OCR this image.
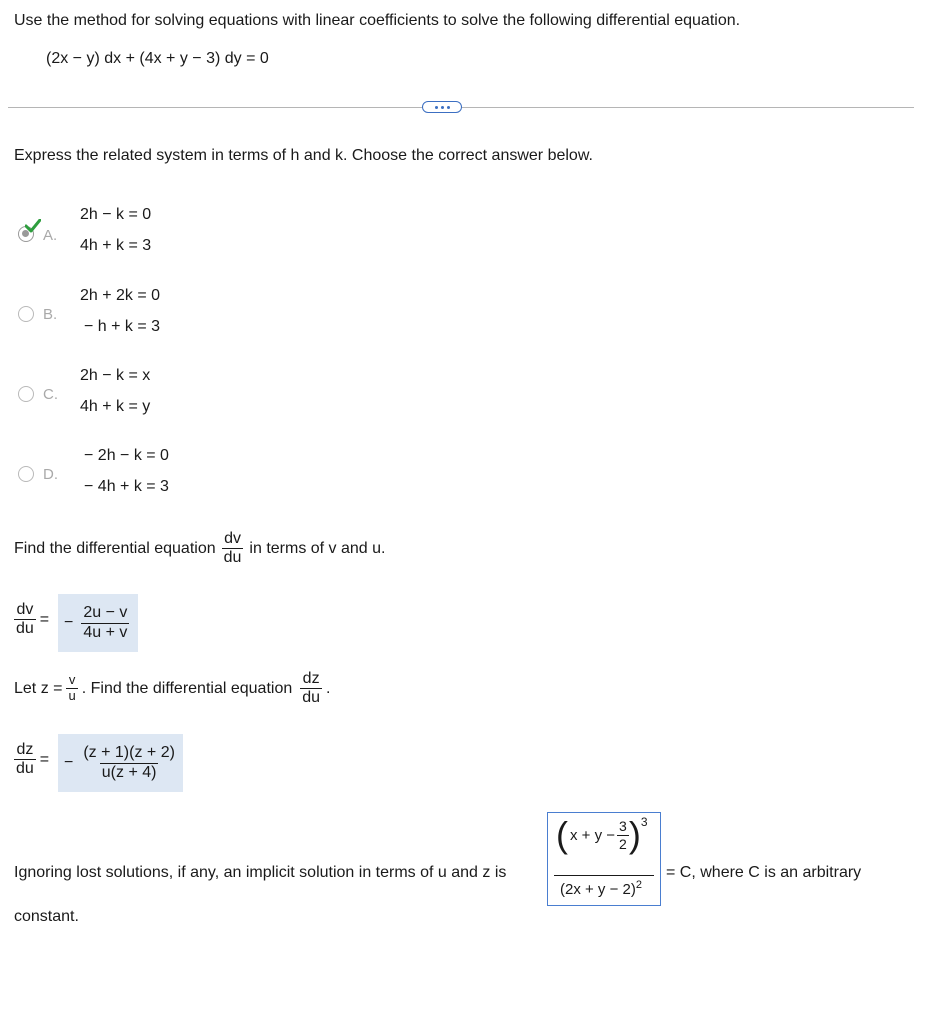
Use the method for solving equations with linear coefficients to solve the following differential equation.
(2x − y) dx + (4x + y − 3) dy = 0
Express the related system in terms of h and k. Choose the correct answer below.
A.
2h − k = 0
4h + k = 3
B.
2h + 2k = 0
− h + k = 3
C.
2h − k = x
4h + k = y
D.
− 2h − k = 0
− 4h + k = 3
Find the differential equation $\frac{dv}{du}$ in terms of v and u.
$\frac{dv}{du}$ = − $\frac{2u - v}{4u + v}$
Let $z = \frac{v}{u}$ . Find the differential equation $\frac{dz}{du}$ .
$\frac{dz}{du}$ = − $\frac{(z + 1)(z + 2)}{u(z + 4)}$
Ignoring lost solutions, if any, an implicit solution in terms of u and z is
( $x + y - \frac{3}{2}$ ) 3
$(2x + y - 2)^2$
= C, where C is an arbitrary
constant.
